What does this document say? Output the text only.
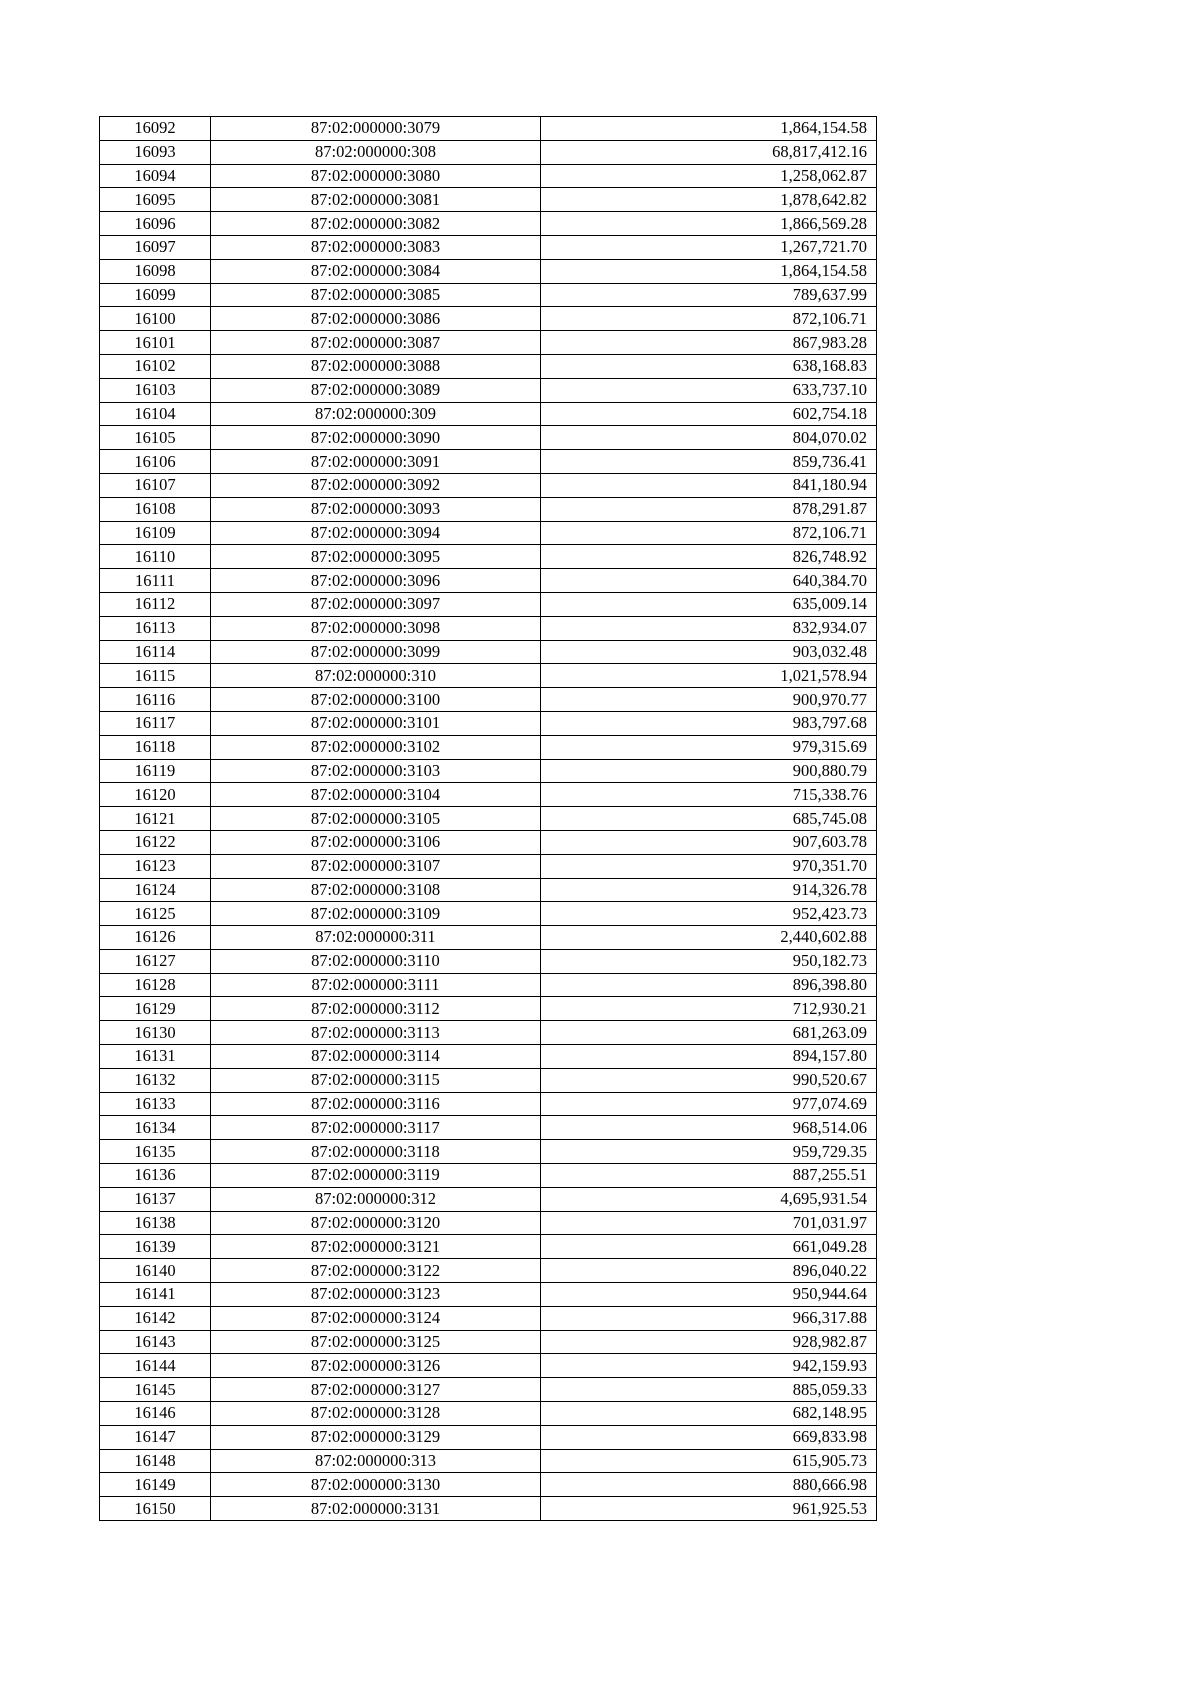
16092	87:02:000000:3079	1,864,154.58
16093	87:02:000000:308	68,817,412.16
16094	87:02:000000:3080	1,258,062.87
16095	87:02:000000:3081	1,878,642.82
16096	87:02:000000:3082	1,866,569.28
16097	87:02:000000:3083	1,267,721.70
16098	87:02:000000:3084	1,864,154.58
16099	87:02:000000:3085	789,637.99
16100	87:02:000000:3086	872,106.71
16101	87:02:000000:3087	867,983.28
16102	87:02:000000:3088	638,168.83
16103	87:02:000000:3089	633,737.10
16104	87:02:000000:309	602,754.18
16105	87:02:000000:3090	804,070.02
16106	87:02:000000:3091	859,736.41
16107	87:02:000000:3092	841,180.94
16108	87:02:000000:3093	878,291.87
16109	87:02:000000:3094	872,106.71
16110	87:02:000000:3095	826,748.92
16111	87:02:000000:3096	640,384.70
16112	87:02:000000:3097	635,009.14
16113	87:02:000000:3098	832,934.07
16114	87:02:000000:3099	903,032.48
16115	87:02:000000:310	1,021,578.94
16116	87:02:000000:3100	900,970.77
16117	87:02:000000:3101	983,797.68
16118	87:02:000000:3102	979,315.69
16119	87:02:000000:3103	900,880.79
16120	87:02:000000:3104	715,338.76
16121	87:02:000000:3105	685,745.08
16122	87:02:000000:3106	907,603.78
16123	87:02:000000:3107	970,351.70
16124	87:02:000000:3108	914,326.78
16125	87:02:000000:3109	952,423.73
16126	87:02:000000:311	2,440,602.88
16127	87:02:000000:3110	950,182.73
16128	87:02:000000:3111	896,398.80
16129	87:02:000000:3112	712,930.21
16130	87:02:000000:3113	681,263.09
16131	87:02:000000:3114	894,157.80
16132	87:02:000000:3115	990,520.67
16133	87:02:000000:3116	977,074.69
16134	87:02:000000:3117	968,514.06
16135	87:02:000000:3118	959,729.35
16136	87:02:000000:3119	887,255.51
16137	87:02:000000:312	4,695,931.54
16138	87:02:000000:3120	701,031.97
16139	87:02:000000:3121	661,049.28
16140	87:02:000000:3122	896,040.22
16141	87:02:000000:3123	950,944.64
16142	87:02:000000:3124	966,317.88
16143	87:02:000000:3125	928,982.87
16144	87:02:000000:3126	942,159.93
16145	87:02:000000:3127	885,059.33
16146	87:02:000000:3128	682,148.95
16147	87:02:000000:3129	669,833.98
16148	87:02:000000:313	615,905.73
16149	87:02:000000:3130	880,666.98
16150	87:02:000000:3131	961,925.53
